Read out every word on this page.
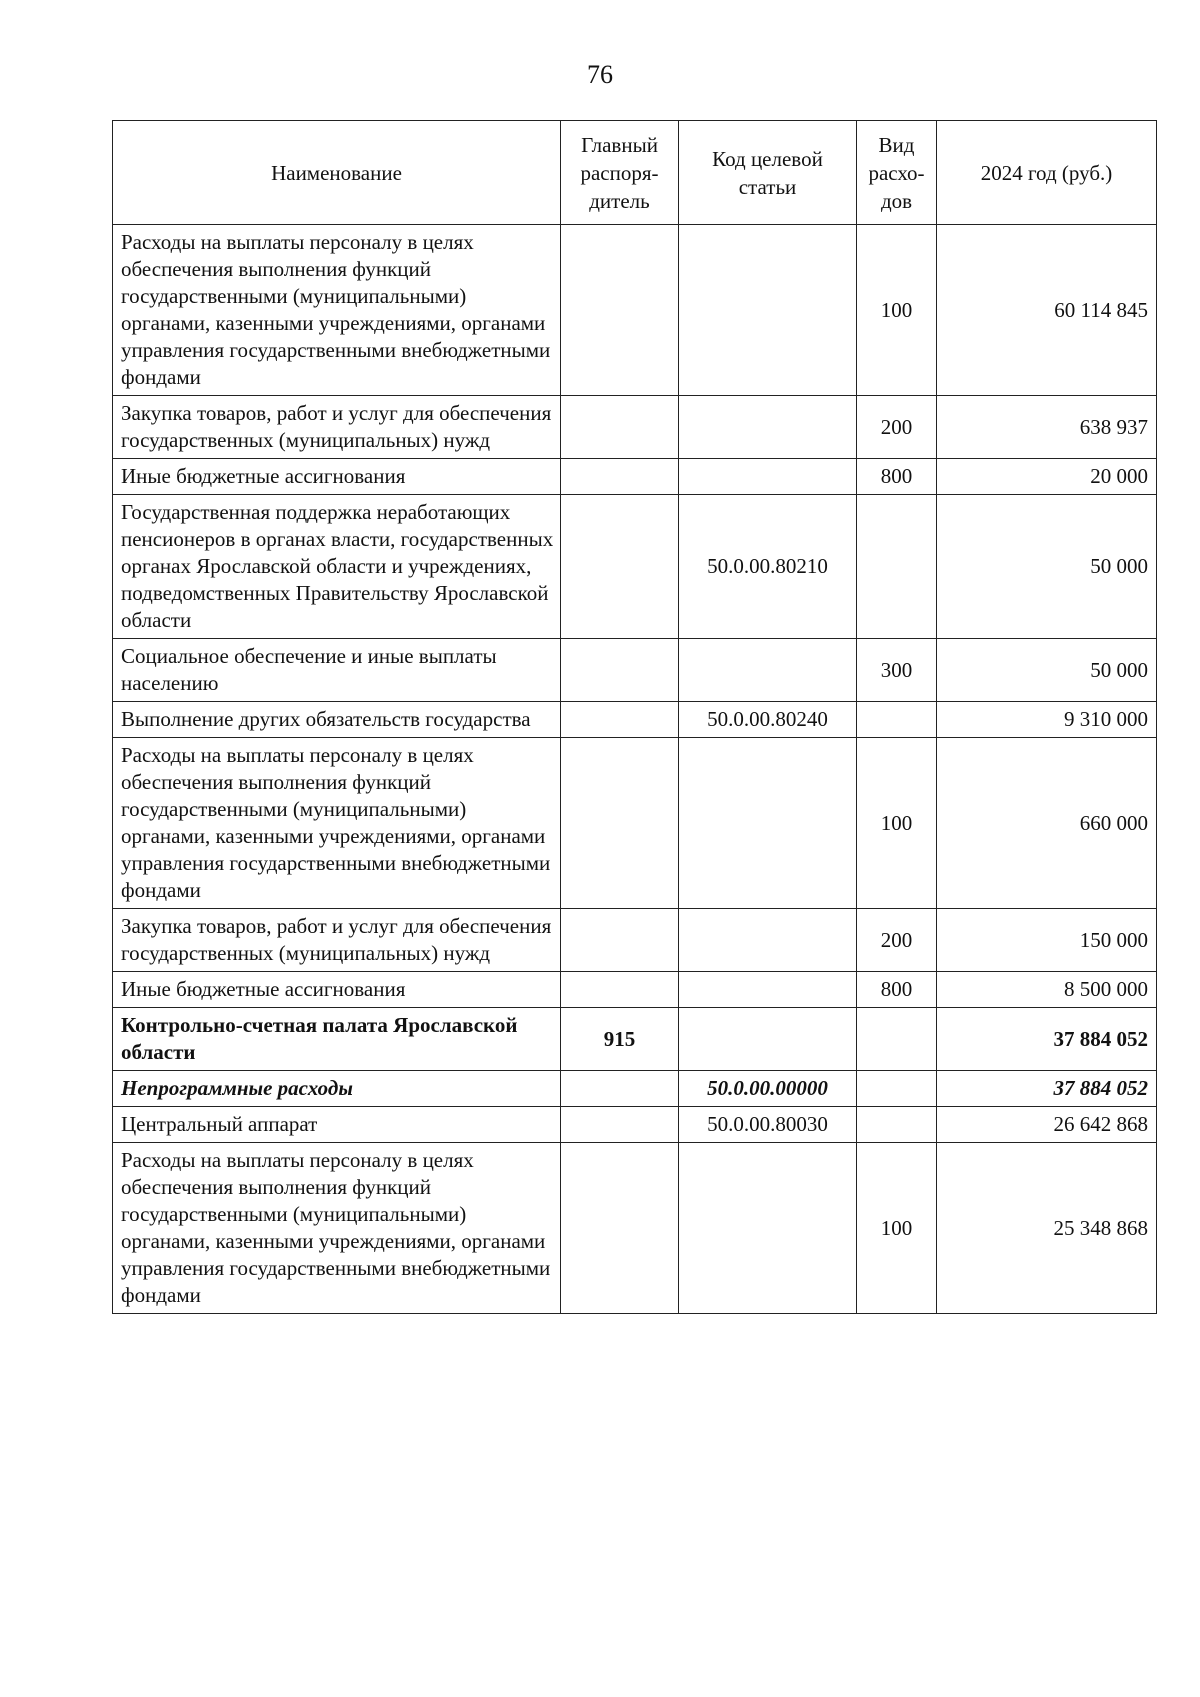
76
Наименование	Главный распоря-дитель	Код целевой статьи	Вид расхо-дов	2024 год (руб.)
Расходы на выплаты персоналу в целях обеспечения выполнения функций государственными (муниципальными) органами, казенными учреждениями, органами управления государственными внебюджетными фондами			100	60 114 845
Закупка товаров, работ и услуг для обеспечения государственных (муниципальных) нужд			200	638 937
Иные бюджетные ассигнования			800	20 000
Государственная поддержка неработающих пенсионеров в органах власти, государственных органах Ярославской области и учреждениях, подведомственных Правительству Ярославской области		50.0.00.80210		50 000
Социальное обеспечение и иные выплаты населению			300	50 000
Выполнение других обязательств государства		50.0.00.80240		9 310 000
Расходы на выплаты персоналу в целях обеспечения выполнения функций государственными (муниципальными) органами, казенными учреждениями, органами управления государственными внебюджетными фондами			100	660 000
Закупка товаров, работ и услуг для обеспечения государственных (муниципальных) нужд			200	150 000
Иные бюджетные ассигнования			800	8 500 000
Контрольно-счетная палата Ярославской области	915			37 884 052
Непрограммные расходы		50.0.00.00000		37 884 052
Центральный аппарат		50.0.00.80030		26 642 868
Расходы на выплаты персоналу в целях обеспечения выполнения функций государственными (муниципальными) органами, казенными учреждениями, органами управления государственными внебюджетными фондами			100	25 348 868
